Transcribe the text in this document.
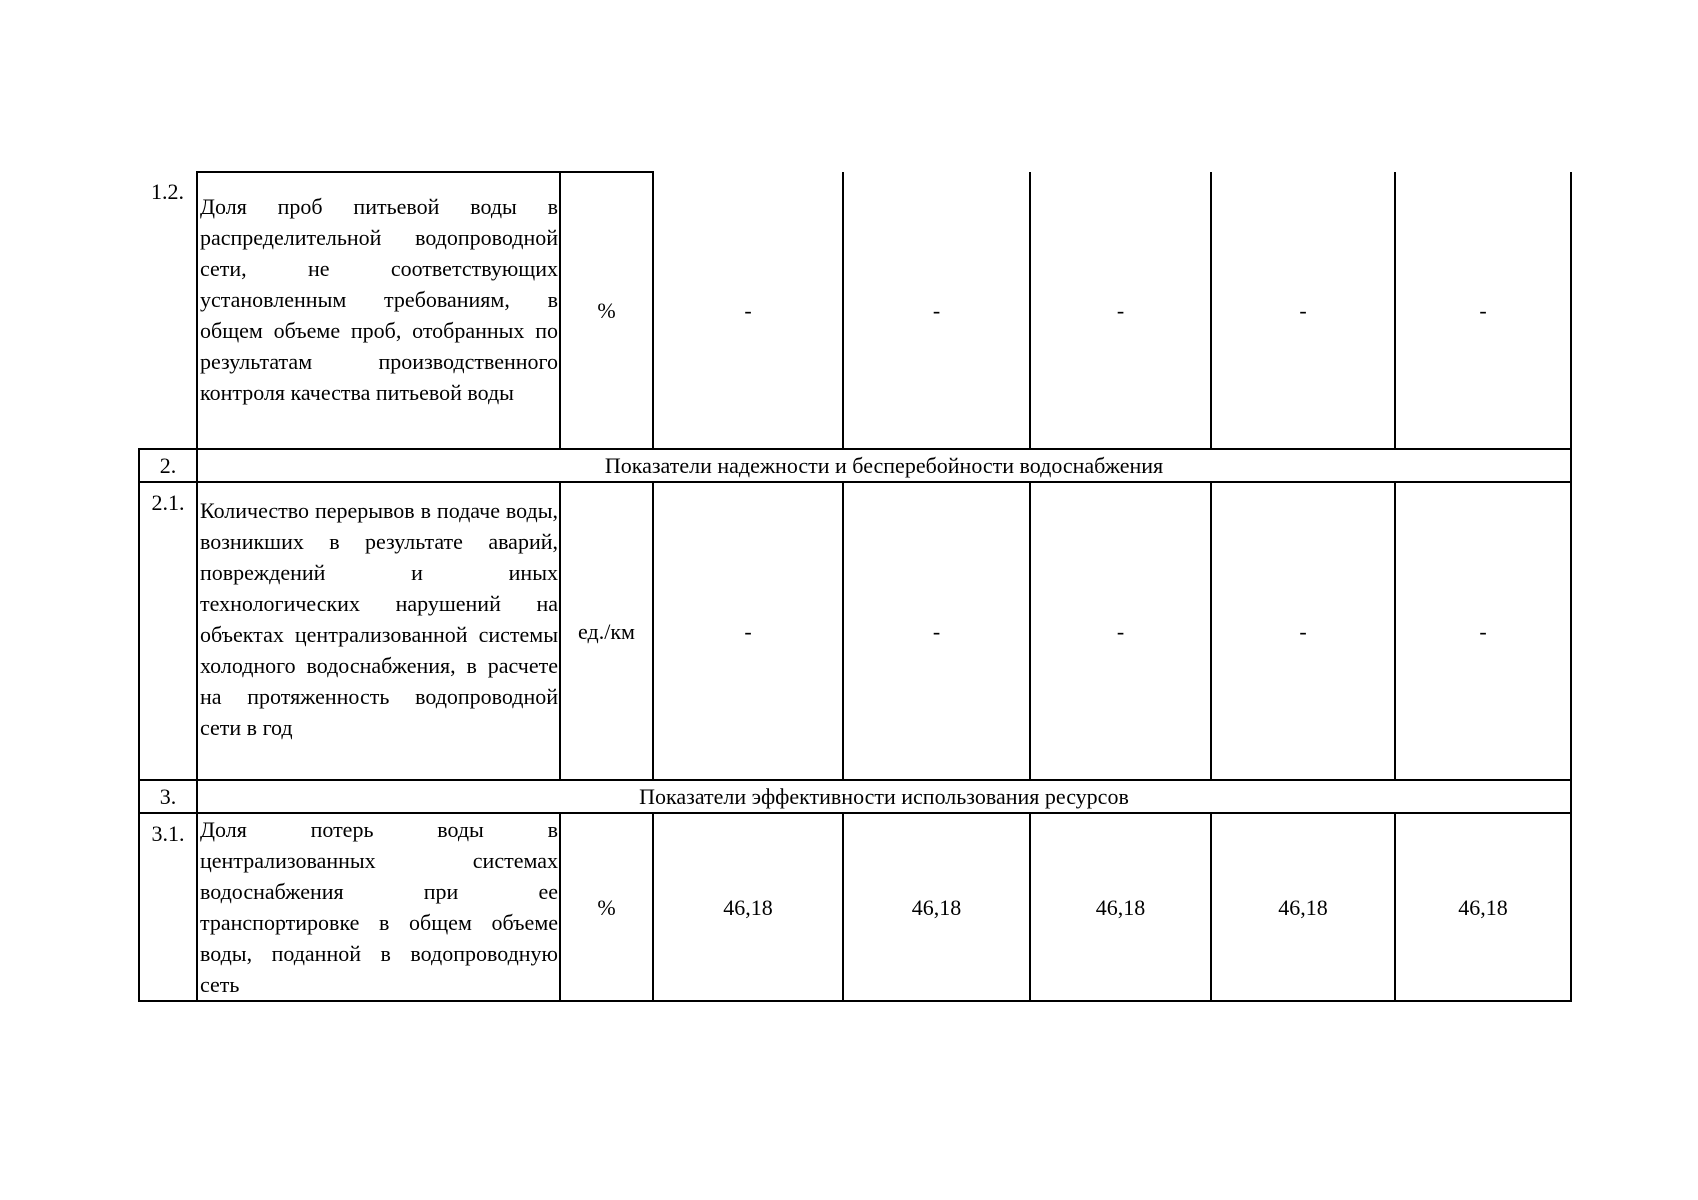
1.2.	Доля проб питьевой воды в распределительной водопроводной сети, не соответствующих установленным требованиям, в общем объеме проб, отобранных по результатам производственного контроля качества питьевой воды	%	-	-	-	-	-
2.	Показатели надежности и бесперебойности водоснабжения						
2.1.	Количество перерывов в подаче воды, возникших в результате аварий, повреждений и иных технологических нарушений на объектах централизованной системы холодного водоснабжения, в расчете на протяженность водопроводной сети в год	ед./км	-	-	-	-	-
3.	Показатели эффективности использования ресурсов						
3.1.	Доля потерь воды в централизованных системах водоснабжения при ее транспортировке в общем объеме воды, поданной в водопроводную сеть	%	46,18	46,18	46,18	46,18	46,18
